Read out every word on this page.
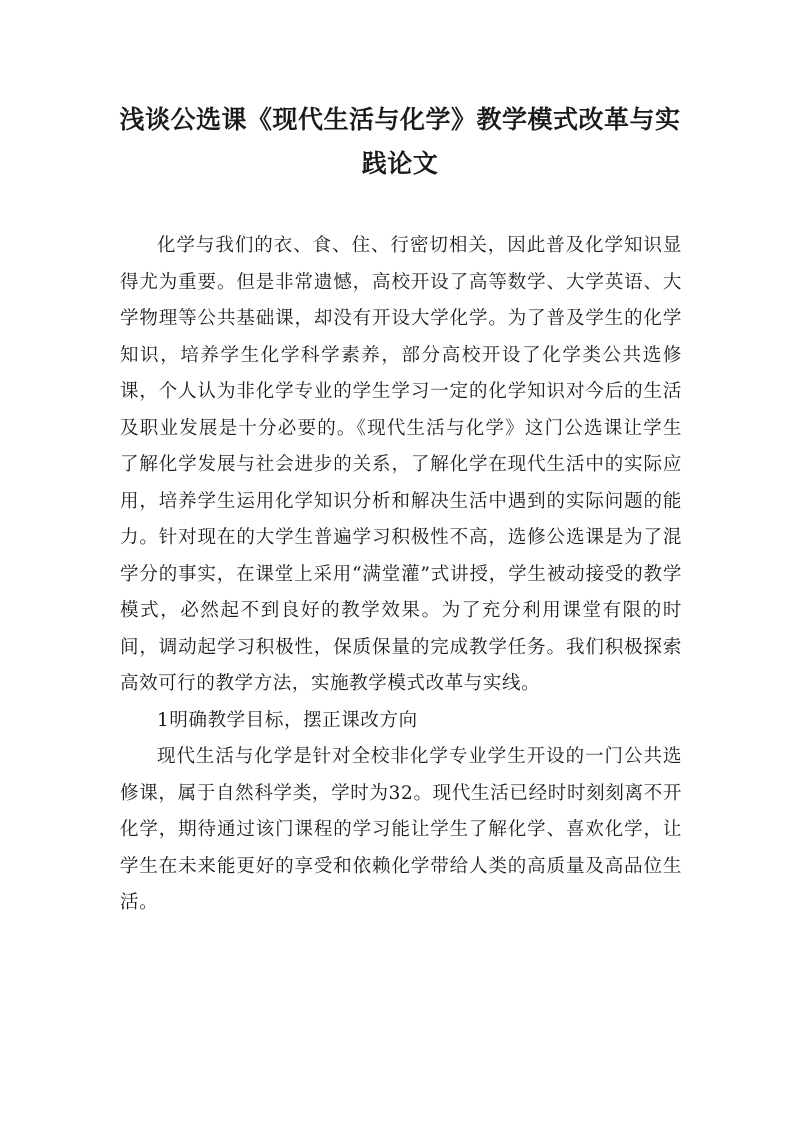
浅谈公选课《现代生活与化学》教学模式改革与实践论文

化学与我们的衣、食、住、行密切相关，因此普及化学知识显得尤为重要。但是非常遗憾，高校开设了高等数学、大学英语、大学物理等公共基础课，却没有开设大学化学。为了普及学生的化学知识，培养学生化学科学素养，部分高校开设了化学类公共选修课，个人认为非化学专业的学生学习一定的化学知识对今后的生活及职业发展是十分必要的。《现代生活与化学》这门公选课让学生了解化学发展与社会进步的关系，了解化学在现代生活中的实际应用，培养学生运用化学知识分析和解决生活中遇到的实际问题的能力。针对现在的大学生普遍学习积极性不高，选修公选课是为了混学分的事实，在课堂上采用“满堂灌”式讲授，学生被动接受的教学模式，必然起不到良好的教学效果。为了充分利用课堂有限的时间，调动起学习积极性，保质保量的完成教学任务。我们积极探索高效可行的教学方法，实施教学模式改革与实线。

1明确教学目标，摆正课改方向

现代生活与化学是针对全校非化学专业学生开设的一门公共选修课，属于自然科学类，学时为32。现代生活已经时时刻刻离不开化学，期待通过该门课程的学习能让学生了解化学、喜欢化学，让学生在未来能更好的享受和依赖化学带给人类的高质量及高品位生活。
